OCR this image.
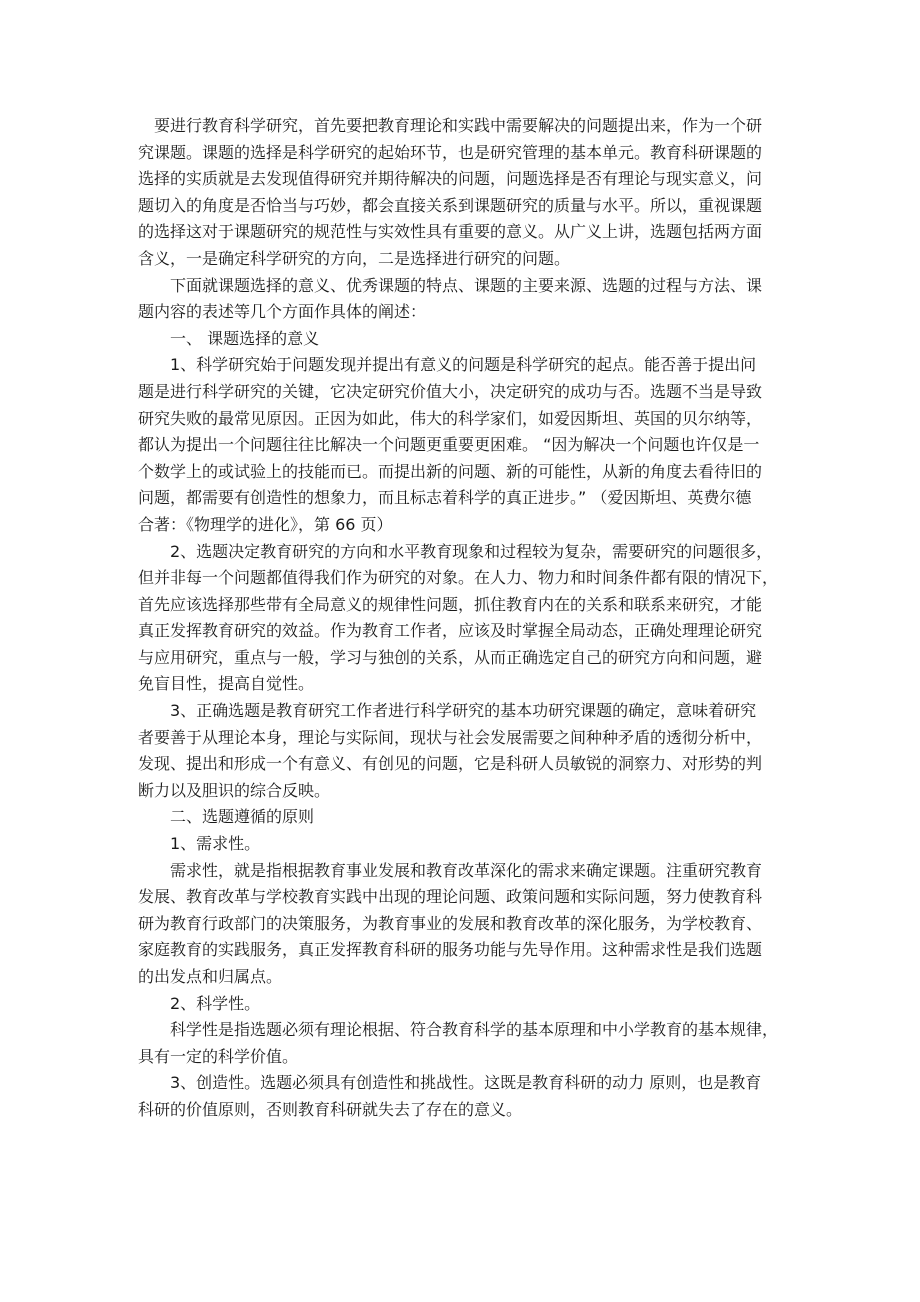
要进行教育科学研究，首先要把教育理论和实践中需要解决的问题提出来，作为一个研
究课题。课题的选择是科学研究的起始环节，也是研究管理的基本单元。教育科研课题的
选择的实质就是去发现值得研究并期待解决的问题，问题选择是否有理论与现实意义，问
题切入的角度是否恰当与巧妙，都会直接关系到课题研究的质量与水平。所以，重视课题
的选择这对于课题研究的规范性与实效性具有重要的意义。从广义上讲，选题包括两方面
含义，一是确定科学研究的方向，二是选择进行研究的问题。
下面就课题选择的意义、优秀课题的特点、课题的主要来源、选题的过程与方法、课
题内容的表述等几个方面作具体的阐述：
一、 课题选择的意义
1、科学研究始于问题发现并提出有意义的问题是科学研究的起点。能否善于提出问
题是进行科学研究的关键，它决定研究价值大小，决定研究的成功与否。选题不当是导致
研究失败的最常见原因。正因为如此，伟大的科学家们，如爱因斯坦、英国的贝尔纳等，
都认为提出一个问题往往比解决一个问题更重要更困难。 “因为解决一个问题也许仅是一
个数学上的或试验上的技能而已。而提出新的问题、新的可能性，从新的角度去看待旧的
问题，都需要有创造性的想象力，而且标志着科学的真正进步。” （爱因斯坦、英费尔德
合著：《物理学的进化》，第 66 页）
2、选题决定教育研究的方向和水平教育现象和过程较为复杂，需要研究的问题很多，
但并非每一个问题都值得我们作为研究的对象。在人力、物力和时间条件都有限的情况下，
首先应该选择那些带有全局意义的规律性问题，抓住教育内在的关系和联系来研究，才能
真正发挥教育研究的效益。作为教育工作者，应该及时掌握全局动态，正确处理理论研究
与应用研究，重点与一般，学习与独创的关系，从而正确选定自己的研究方向和问题，避
免盲目性，提高自觉性。
3、正确选题是教育研究工作者进行科学研究的基本功研究课题的确定，意味着研究
者要善于从理论本身，理论与实际间，现状与社会发展需要之间种种矛盾的透彻分析中，
发现、提出和形成一个有意义、有创见的问题，它是科研人员敏锐的洞察力、对形势的判
断力以及胆识的综合反映。
二、选题遵循的原则
1、需求性。
需求性，就是指根据教育事业发展和教育改革深化的需求来确定课题。注重研究教育
发展、教育改革与学校教育实践中出现的理论问题、政策问题和实际问题，努力使教育科
研为教育行政部门的决策服务，为教育事业的发展和教育改革的深化服务，为学校教育、
家庭教育的实践服务，真正发挥教育科研的服务功能与先导作用。这种需求性是我们选题
的出发点和归属点。
2、科学性。
科学性是指选题必须有理论根据、符合教育科学的基本原理和中小学教育的基本规律，
具有一定的科学价值。
3、创造性。选题必须具有创造性和挑战性。这既是教育科研的动力 原则，也是教育
科研的价值原则，否则教育科研就失去了存在的意义。
